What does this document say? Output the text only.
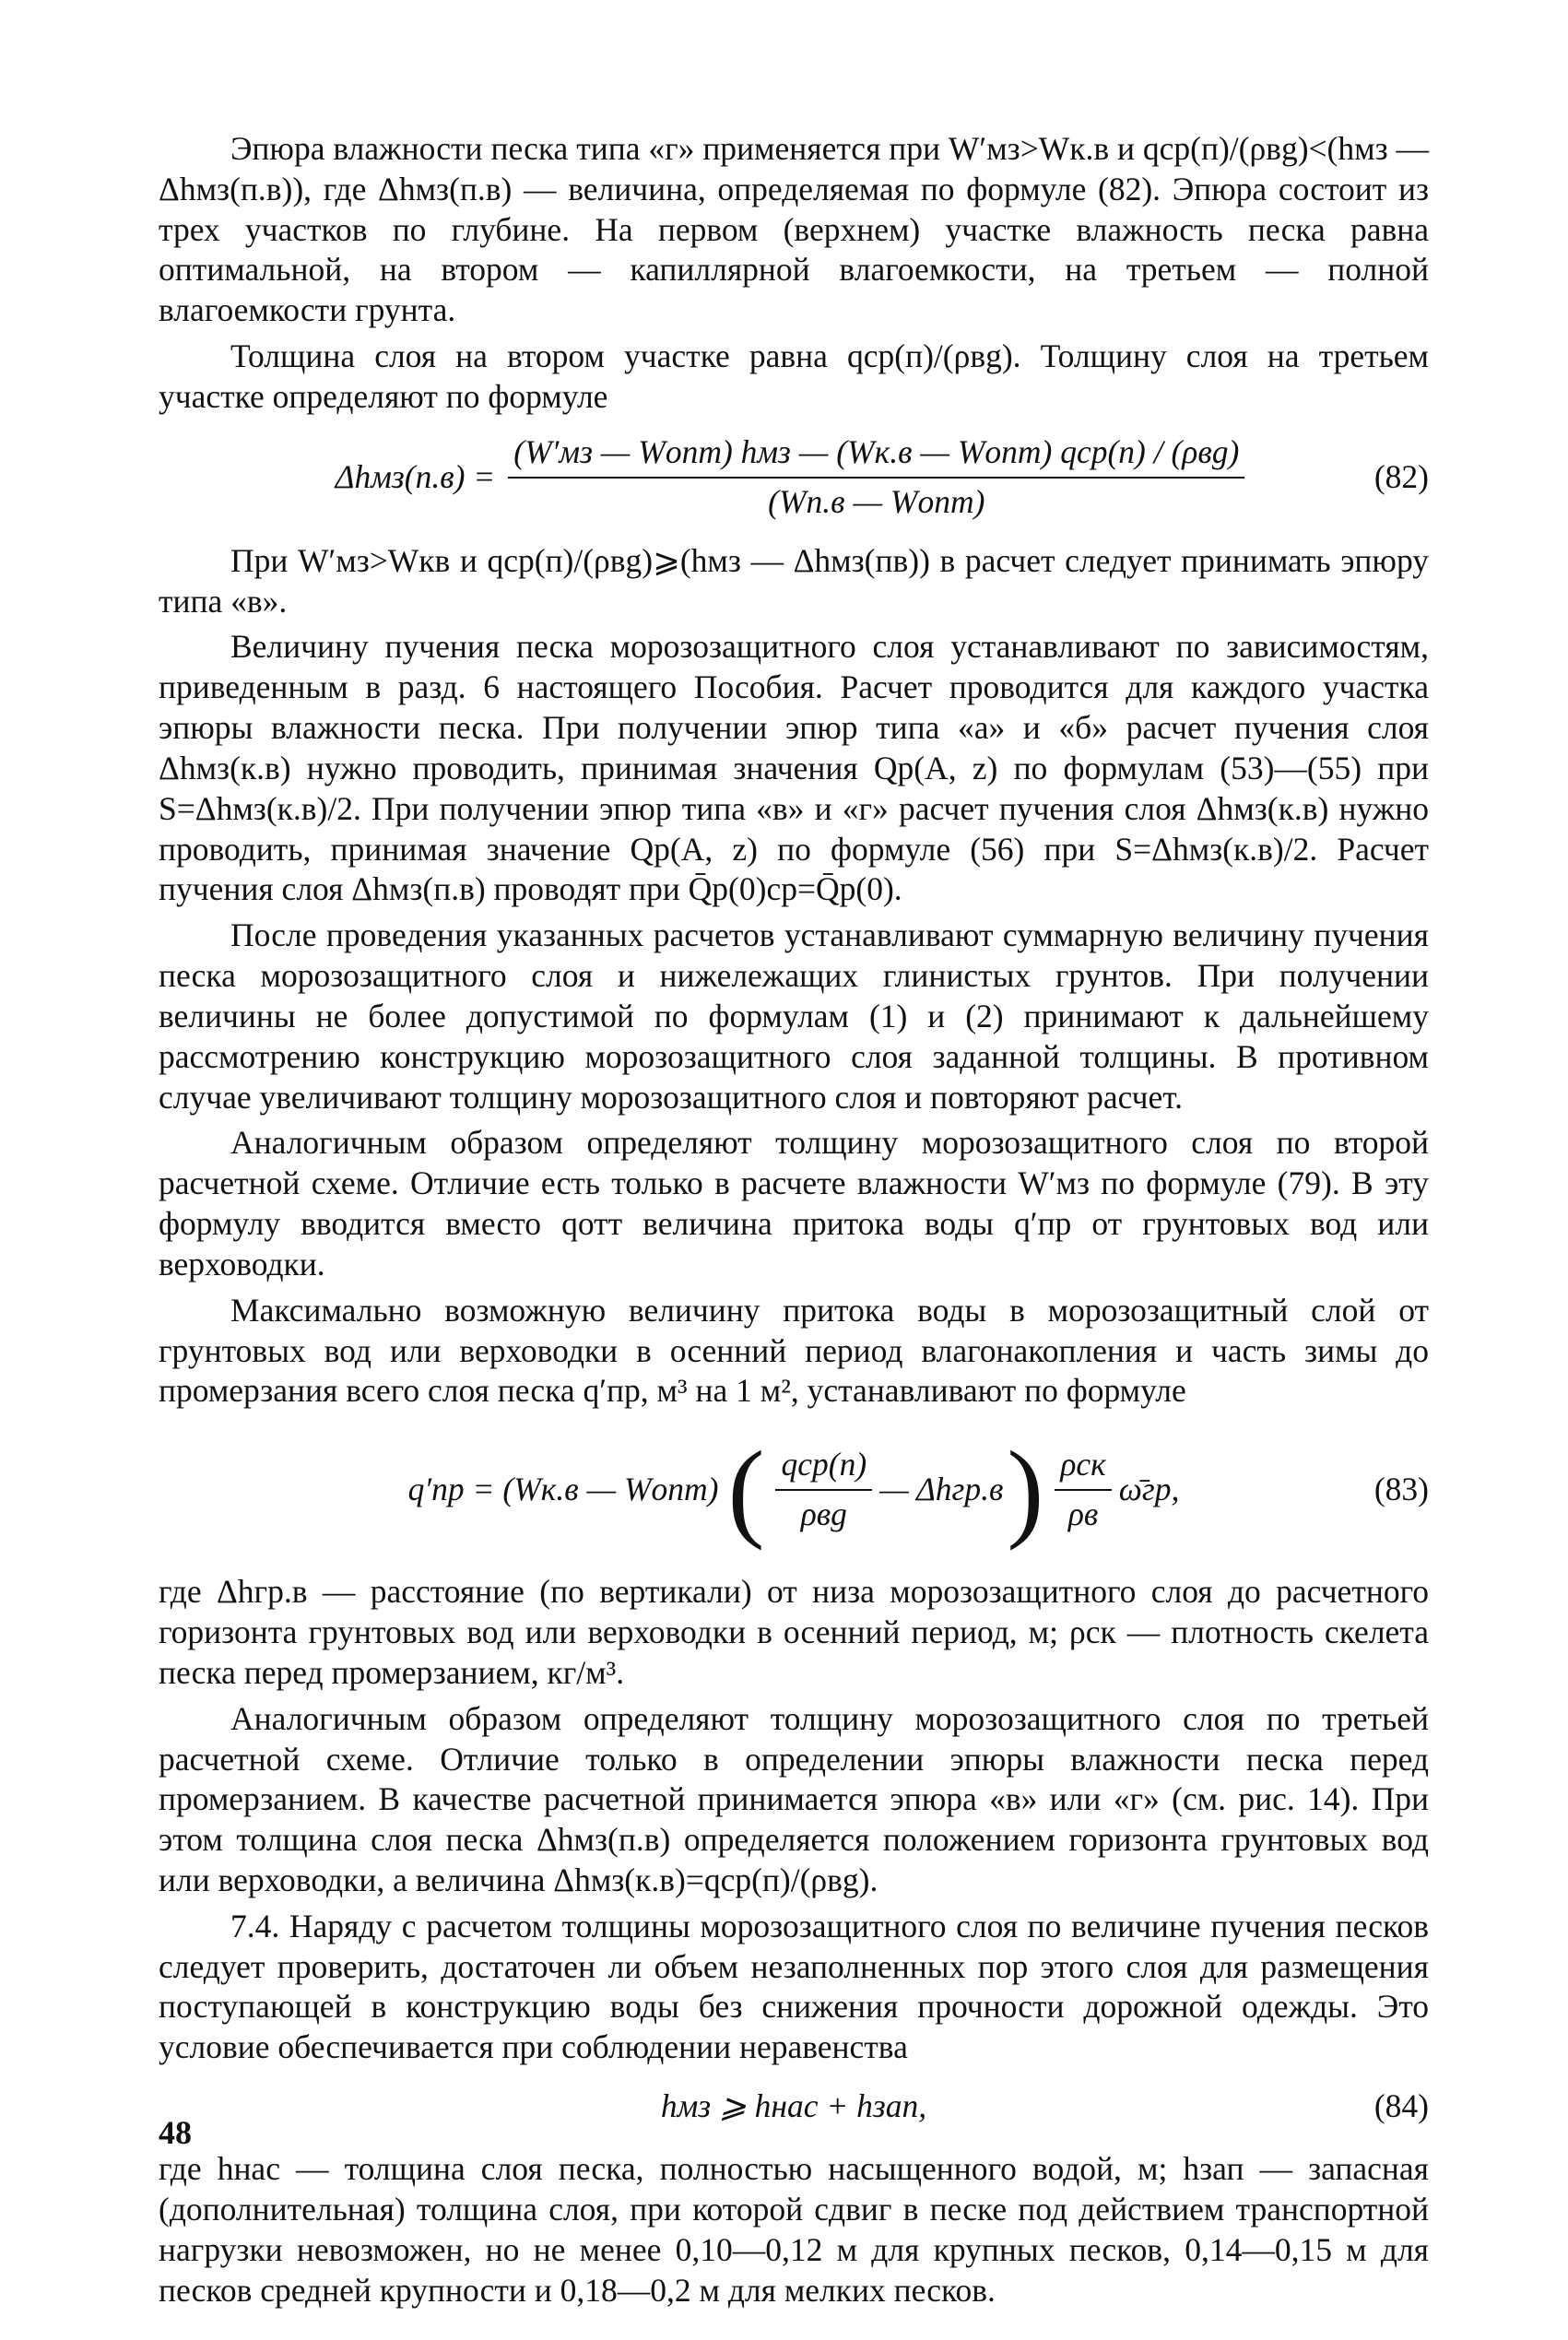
Эпюра влажности песка типа «г» применяется при W′мз>Wк.в и qср(п)/(ρвg)<(hмз — Δhмз(п.в)), где Δhмз(п.в) — величина, определяемая по формуле (82). Эпюра состоит из трех участков по глубине. На первом (верхнем) участке влажность песка равна оптимальной, на втором — капиллярной влагоемкости, на третьем — полной влагоемкости грунта.

Толщина слоя на втором участке равна qср(п)/(ρвg). Толщину слоя на третьем участке определяют по формуле

$\Delta hмз(п.в) = \frac{\text{(W′мз — Wопт) hмз — (Wк.в — Wопт) qср(п) / (ρвg)}}{\text{(Wп.в — Wопт)}}$	(82)

При W′мз>Wкв и qср(п)/(ρвg)⩾(hмз — Δhмз(пв)) в расчет следует принимать эпюру типа «в».

Величину пучения песка морозозащитного слоя устанавливают по зависимостям, приведенным в разд. 6 настоящего Пособия. Расчет проводится для каждого участка эпюры влажности песка. При получении эпюр типа «а» и «б» расчет пучения слоя Δhмз(к.в) нужно проводить, принимая значения Qр(A, z) по формулам (53)—(55) при S=Δhмз(к.в)/2. При получении эпюр типа «в» и «г» расчет пучения слоя Δhмз(к.в) нужно проводить, принимая значение Qр(A, z) по формуле (56) при S=Δhмз(к.в)/2. Расчет пучения слоя Δhмз(п.в) проводят при Q̄р(0)ср=Q̄р(0).

После проведения указанных расчетов устанавливают суммарную величину пучения песка морозозащитного слоя и нижележащих глинистых грунтов. При получении величины не более допустимой по формулам (1) и (2) принимают к дальнейшему рассмотрению конструкцию морозозащитного слоя заданной толщины. В противном случае увеличивают толщину морозозащитного слоя и повторяют расчет.

Аналогичным образом определяют толщину морозозащитного слоя по второй расчетной схеме. Отличие есть только в расчете влажности W′мз по формуле (79). В эту формулу вводится вместо qотт величина притока воды q′пр от грунтовых вод или верховодки.

Максимально возможную величину притока воды в морозозащитный слой от грунтовых вод или верховодки в осенний период влагонакопления и часть зимы до промерзания всего слоя песка q′пр, м³ на 1 м², устанавливают по формуле

q′пр = (Wк.в — Wопт) ( $\frac{\text{qср(п)}}{\text{ρвg}}$ — Δhгр.в ) $\frac{\text{ρск}}{\rho в}$ ω̄гр,	(83)

где Δhгр.в — расстояние (по вертикали) от низа морозозащитного слоя до расчетного горизонта грунтовых вод или верховодки в осенний период, м; ρск — плотность скелета песка перед промерзанием, кг/м³.

Аналогичным образом определяют толщину морозозащитного слоя по третьей расчетной схеме. Отличие только в определении эпюры влажности песка перед промерзанием. В качестве расчетной принимается эпюра «в» или «г» (см. рис. 14). При этом толщина слоя песка Δhмз(п.в) определяется положением горизонта грунтовых вод или верховодки, а величина Δhмз(к.в)=qср(п)/(ρвg).

7.4. Наряду с расчетом толщины морозозащитного слоя по величине пучения песков следует проверить, достаточен ли объем незаполненных пор этого слоя для размещения поступающей в конструкцию воды без снижения прочности дорожной одежды. Это условие обеспечивается при соблюдении неравенства

hмз ⩾ hнас + hзап,	(84)

где hнас — толщина слоя песка, полностью насыщенного водой, м; hзап — запасная (дополнительная) толщина слоя, при которой сдвиг в песке под действием транспортной нагрузки невозможен, но не менее 0,10—0,12 м для крупных песков, 0,14—0,15 м для песков средней крупности и 0,18—0,2 м для мелких песков.

48
